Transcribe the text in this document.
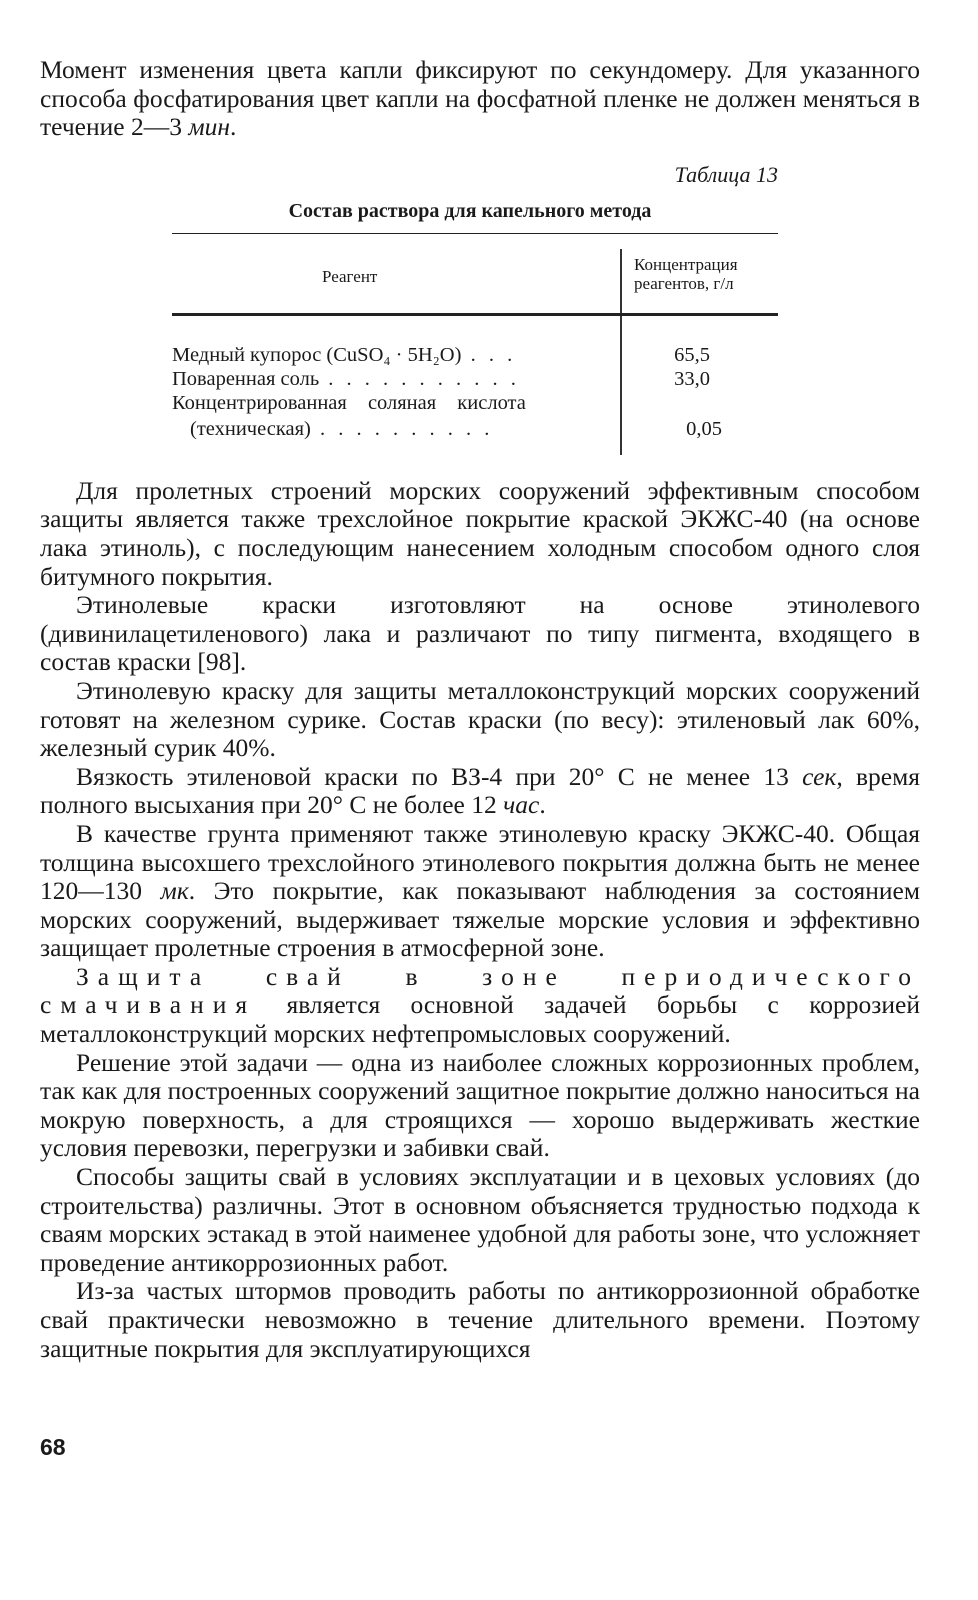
Момент изменения цвета капли фиксируют по секундомеру. Для указанного способа фосфатирования цвет капли на фосфатной пленке не должен меняться в течение 2—3 мин.

Таблица 13
Состав раствора для капельного метода
Реагент
Концентрация
реагентов, г/л
Медный купорос (CuSO₄ · 5H₂O) . . .	65,5
Поваренная соль . . . . . . . . . . .	33,0
Концентрированная соляная кислота
(техническая) . . . . . . . . . .	0,05

Для пролетных строений морских сооружений эффективным способом защиты является также трехслойное покрытие краской ЭКЖС-40 (на основе лака этиноль), с последующим нанесением холодным способом одного слоя битумного покрытия.

Этинолевые краски изготовляют на основе этинолевого (дивинилацетиленового) лака и различают по типу пигмента, входящего в состав краски [98].

Этинолевую краску для защиты металлоконструкций морских сооружений готовят на железном сурике. Состав краски (по весу): этиленовый лак 60%, железный сурик 40%.

Вязкость этиленовой краски по ВЗ-4 при 20° С не менее 13 сек, время полного высыхания при 20° С не более 12 час.

В качестве грунта применяют также этинолевую краску ЭКЖС-40. Общая толщина высохшего трехслойного этинолевого покрытия должна быть не менее 120—130 мк. Это покрытие, как показывают наблюдения за состоянием морских сооружений, выдерживает тяжелые морские условия и эффективно защищает пролетные строения в атмосферной зоне.

Защита свай в зоне периодического смачивания является основной задачей борьбы с коррозией металлоконструкций морских нефтепромысловых сооружений.

Решение этой задачи — одна из наиболее сложных коррозионных проблем, так как для построенных сооружений защитное покрытие должно наноситься на мокрую поверхность, а для строящихся — хорошо выдерживать жесткие условия перевозки, перегрузки и забивки свай.

Способы защиты свай в условиях эксплуатации и в цеховых условиях (до строительства) различны. Этот в основном объясняется трудностью подхода к сваям морских эстакад в этой наименее удобной для работы зоне, что усложняет проведение антикоррозионных работ.

Из-за частых штормов проводить работы по антикоррозионной обработке свай практически невозможно в течение длительного времени. Поэтому защитные покрытия для эксплуатирующихся

68
